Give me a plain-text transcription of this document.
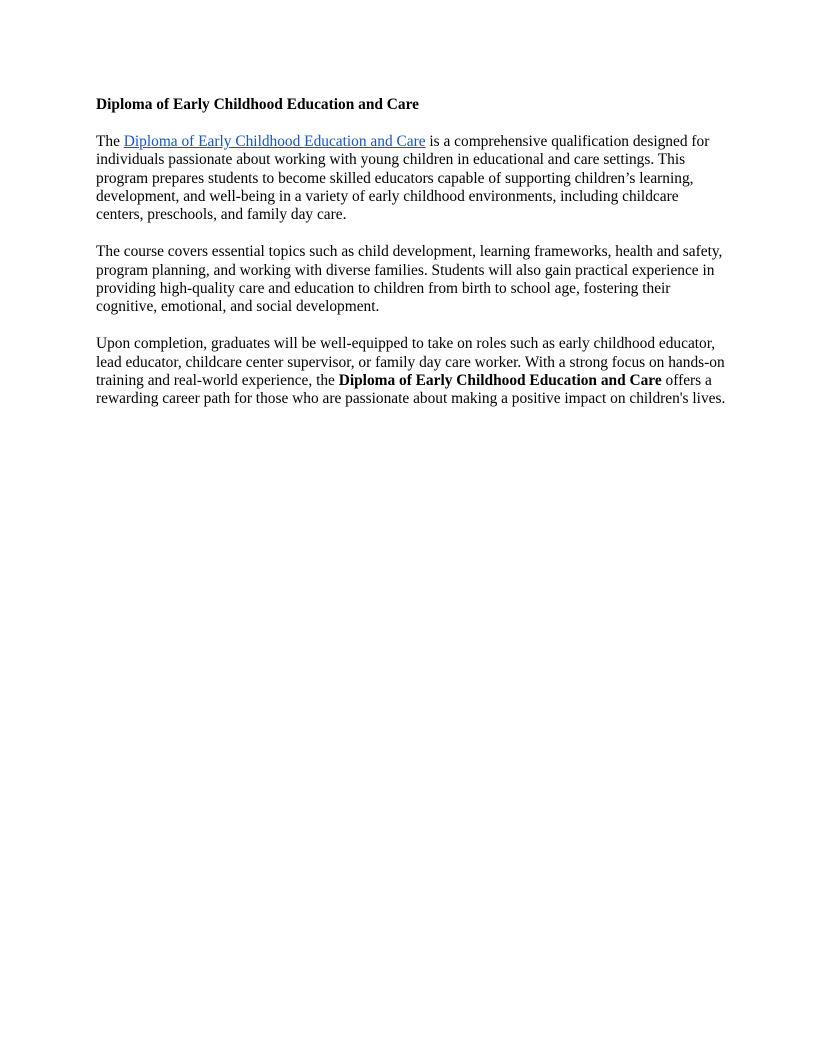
Diploma of Early Childhood Education and Care

The Diploma of Early Childhood Education and Care is a comprehensive qualification designed for individuals passionate about working with young children in educational and care settings. This program prepares students to become skilled educators capable of supporting children’s learning, development, and well-being in a variety of early childhood environments, including childcare centers, preschools, and family day care.

The course covers essential topics such as child development, learning frameworks, health and safety, program planning, and working with diverse families. Students will also gain practical experience in providing high-quality care and education to children from birth to school age, fostering their cognitive, emotional, and social development.

Upon completion, graduates will be well-equipped to take on roles such as early childhood educator, lead educator, childcare center supervisor, or family day care worker. With a strong focus on hands-on training and real-world experience, the Diploma of Early Childhood Education and Care offers a rewarding career path for those who are passionate about making a positive impact on children's lives.
